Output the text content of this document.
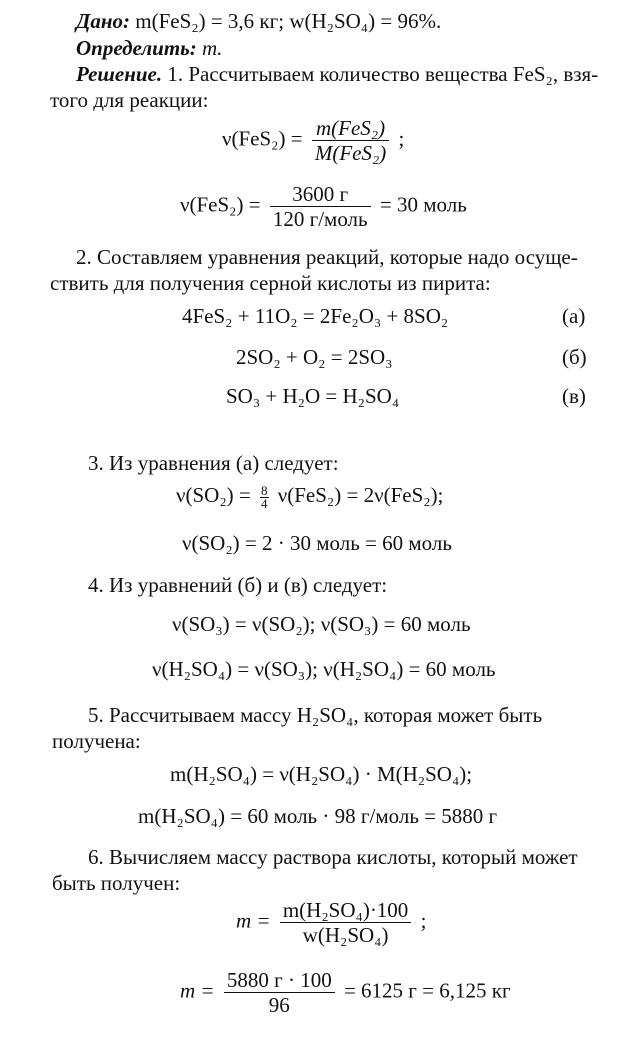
Дано: m(FeS₂) = 3,6 кг; w(H₂SO₄) = 96%.
Определить: m.
Решение. 1. Рассчитываем количество вещества FeS₂, взя-
того для реакции:
$\nu(FeS_2) = \frac{\text{m(FeS₂)}}{\text{M(FeS₂)}}$ ;
$\nu(FeS_2) = \frac{3600 г}{\text{120 г/моль}} = 30$ моль
2. Составляем уравнения реакций, которые надо осуще-
ствить для получения серной кислоты из пирита:
4FeS₂ + 11O₂ = 2Fe₂O₃ + 8SO₂	(а)
2SO₂ + O₂ = 2SO₃	(б)
SO₃ + H₂O = H₂SO₄	(в)
3. Из уравнения (а) следует:
$\nu(SO_2) = \frac{8}{4} \nu(FeS_2) = 2\nu(FeS_2)$;
ν(SO₂) = 2 · 30 моль = 60 моль
4. Из уравнений (б) и (в) следует:
ν(SO₃) = ν(SO₂); ν(SO₃) = 60 моль
ν(H₂SO₄) = ν(SO₃); ν(H₂SO₄) = 60 моль
5. Рассчитываем массу H₂SO₄, которая может быть
получена:
m(H₂SO₄) = ν(H₂SO₄) · M(H₂SO₄);
m(H₂SO₄) = 60 моль · 98 г/моль = 5880 г
6. Вычисляем массу раствора кислоты, который может
быть получен:
$m = \frac{\text{m(H₂SO₄)·100}}{\text{w(H₂SO₄)}}$ ;
$m = \frac{5880 г \cdot 100}{96} = 6125$ г = 6,125 кг
